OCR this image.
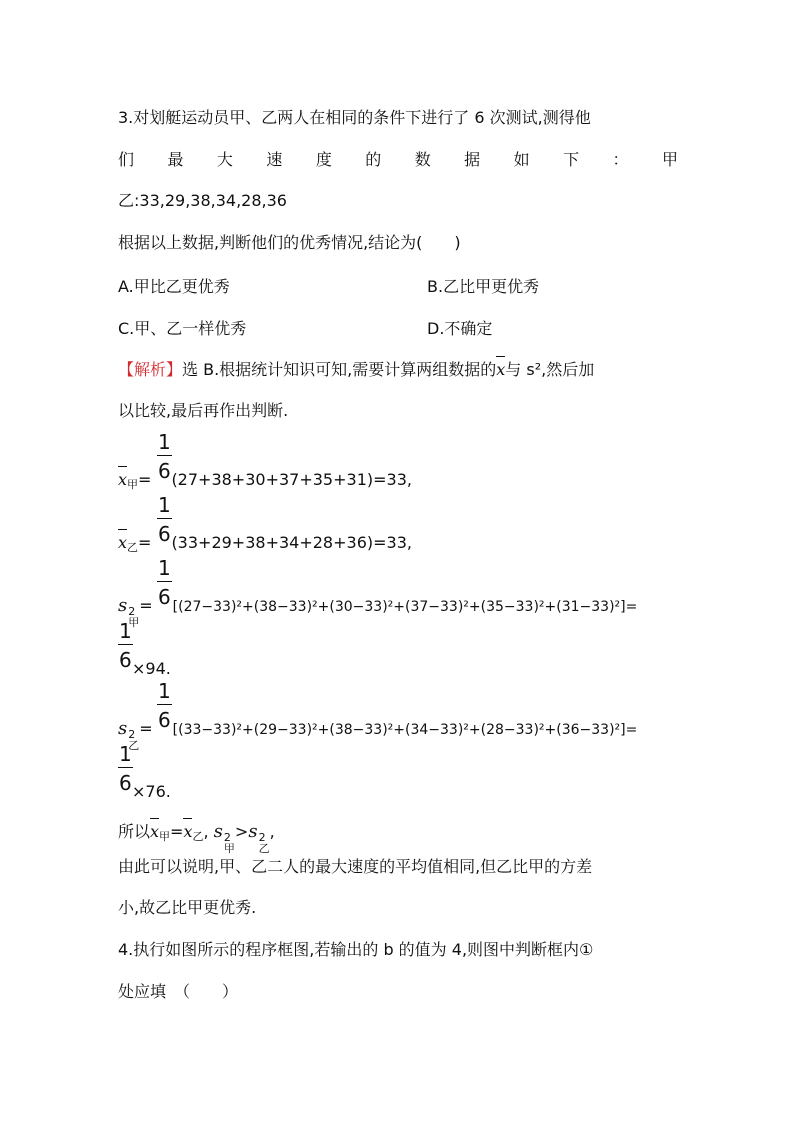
3.对划艇运动员甲、乙两人在相同的条件下进行了 6 次测试,测得他
们 最 大 速 度 的 数 据 如 下 ： 甲
乙:33,29,38,34,28,36
根据以上数据,判断他们的优秀情况,结论为(　　)
A.甲比乙更优秀	B.乙比甲更优秀
C.甲、乙一样优秀	D.不确定
【解析】选 B.根据统计知识可知,需要计算两组数据的x与 s²,然后加
以比较,最后再作出判断.
$\frac{1}{6}$
$x_甲= (27+38+30+37+35+31)=33$,
$\frac{1}{6}$
$x_乙= (33+29+38+34+28+36)=33$,
$\frac{1}{6}$
s 2
甲
= [(27−33)²+(38−33)²+(30−33)²+(37−33)²+(35−33)²+(31−33)²]=
$\frac{1}{6} \times 94$.
$\frac{1}{6}$
s 2
乙
= [(33−33)²+(29−33)²+(38−33)²+(34−33)²+(28−33)²+(36−33)²]=
$\frac{1}{6} \times 76$.
所以$x_甲=x_乙$, s 2
甲
>s 2
乙
,
由此可以说明,甲、乙二人的最大速度的平均值相同,但乙比甲的方差
小,故乙比甲更优秀.
4.执行如图所示的程序框图,若输出的 b 的值为 4,则图中判断框内①
处应填　（　　）
